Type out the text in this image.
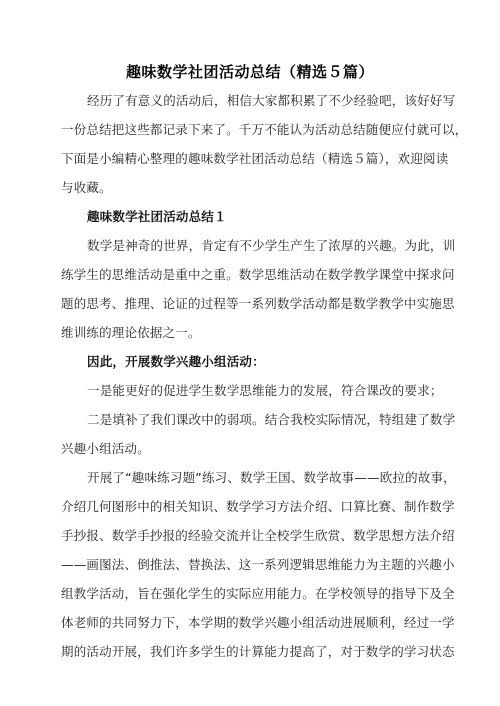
趣味数学社团活动总结（精选５篇）
经历了有意义的活动后，相信大家都积累了不少经验吧，该好好写
一份总结把这些都记录下来了。千万不能认为活动总结随便应付就可以，
下面是小编精心整理的趣味数学社团活动总结（精选５篇），欢迎阅读
与收藏。
趣味数学社团活动总结１
数学是神奇的世界，肯定有不少学生产生了浓厚的兴趣。为此，训
练学生的思维活动是重中之重。数学思维活动在数学教学课堂中探求问
题的思考、推理、论证的过程等一系列数学活动都是数学教学中实施思
维训练的理论依据之一。
因此，开展数学兴趣小组活动：
一是能更好的促进学生数学思维能力的发展，符合课改的要求；
二是填补了我们课改中的弱项。结合我校实际情况，特组建了数学
兴趣小组活动。
开展了“趣味练习题”练习、数学王国、数学故事——欧拉的故事，
介绍几何图形中的相关知识、数学学习方法介绍、口算比赛、制作数学
手抄报、数学手抄报的经验交流并让全校学生欣赏、数学思想方法介绍
——画图法、倒推法、替换法、这一系列逻辑思维能力为主题的兴趣小
组教学活动，旨在强化学生的实际应用能力。在学校领导的指导下及全
体老师的共同努力下，本学期的数学兴趣小组活动进展顺利，经过一学
期的活动开展，我们许多学生的计算能力提高了，对于数学的学习状态
